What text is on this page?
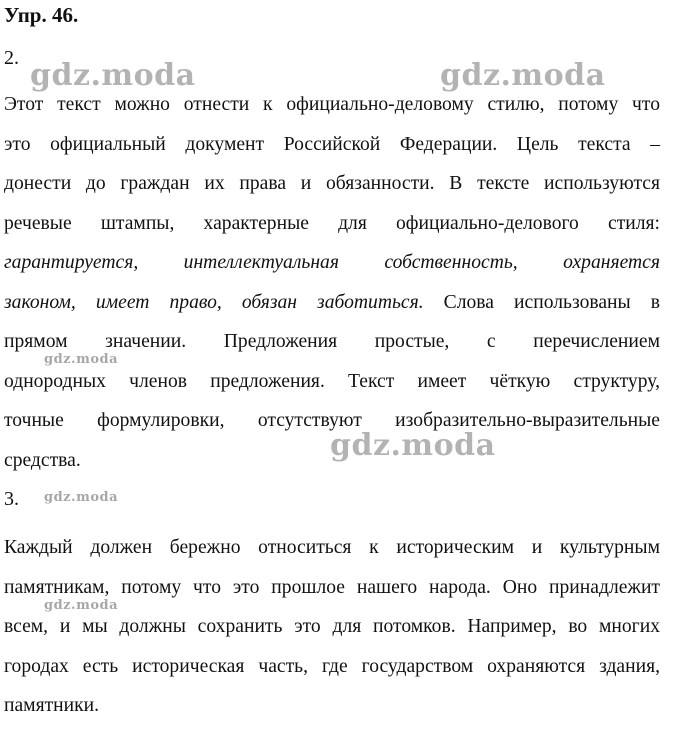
Упр. 46.
2.
Этот текст можно отнести к официально-деловому стилю, потому что
это официальный документ Российской Федерации. Цель текста –
донести до граждан их права и обязанности. В тексте используются
речевые штампы, характерные для официально-делового стиля:
гарантируется, интеллектуальная собственность, охраняется
законом, имеет право, обязан заботиться. Слова использованы в
прямом значении. Предложения простые, с перечислением
однородных членов предложения. Текст имеет чёткую структуру,
точные формулировки, отсутствуют изобразительно-выразительные
средства.
3.
Каждый должен бережно относиться к историческим и культурным
памятникам, потому что это прошлое нашего народа. Оно принадлежит
всем, и мы должны сохранить это для потомков. Например, во многих
городах есть историческая часть, где государством охраняются здания,
памятники.
gdz.moda	gdz.moda
gdz.moda
gdz.moda
gdz.moda
gdz.moda
